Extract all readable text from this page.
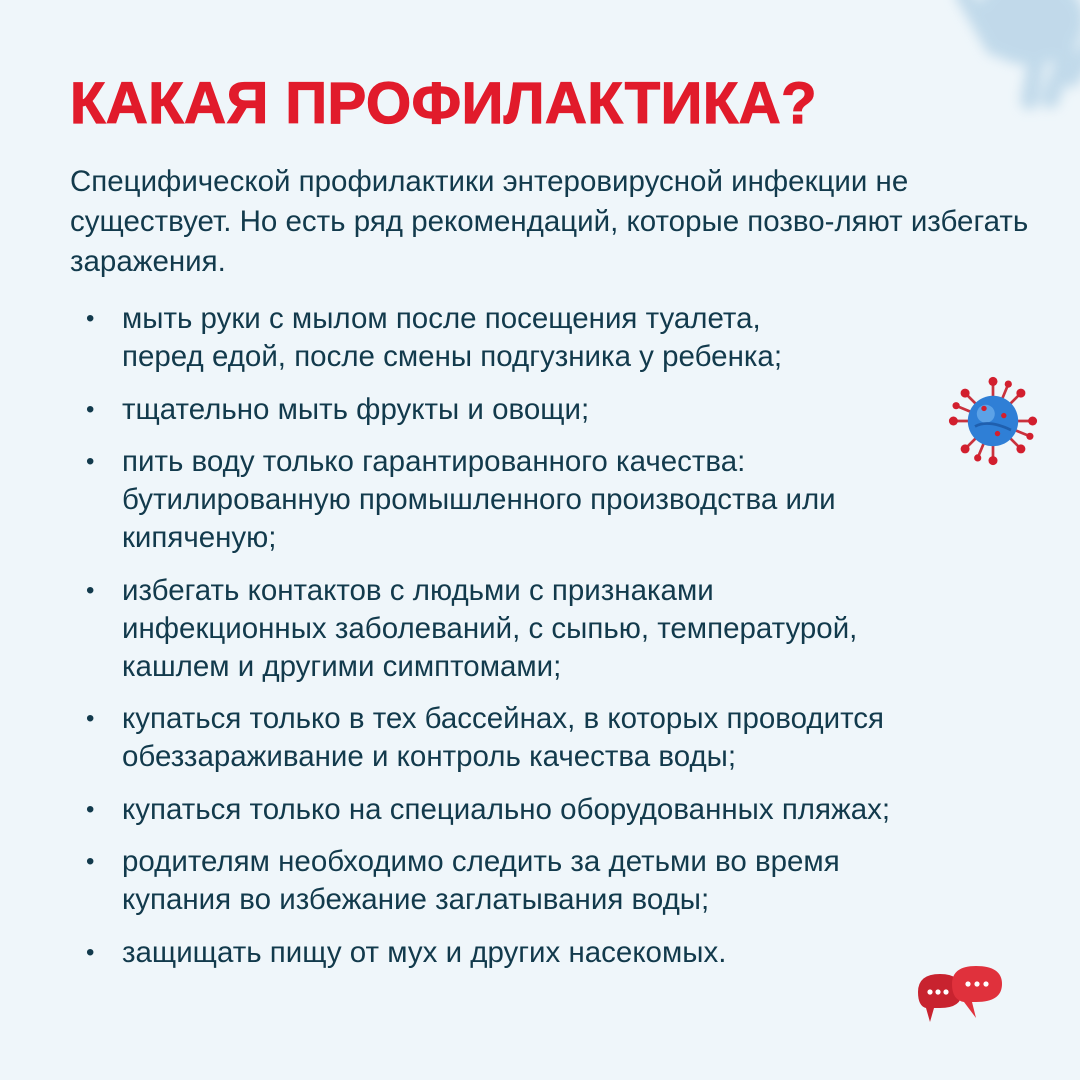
КАКАЯ ПРОФИЛАКТИКА?

Специфической профилактики энтеровирусной инфекции не существует. Но есть ряд рекомендаций, которые позво-ляют избегать заражения.

• мыть руки с мылом после посещения туалета,
перед едой, после смены подгузника у ребенка;
• тщательно мыть фрукты и овощи;
• пить воду только гарантированного качества:
бутилированную промышленного производства или
кипяченую;
• избегать контактов с людьми с признаками
инфекционных заболеваний, с сыпью, температурой,
кашлем и другими симптомами;
• купаться только в тех бассейнах, в которых проводится
обеззараживание и контроль качества воды;
• купаться только на специально оборудованных пляжах;
• родителям необходимо следить за детьми во время
купания во избежание заглатывания воды;
• защищать пищу от мух и других насекомых.
